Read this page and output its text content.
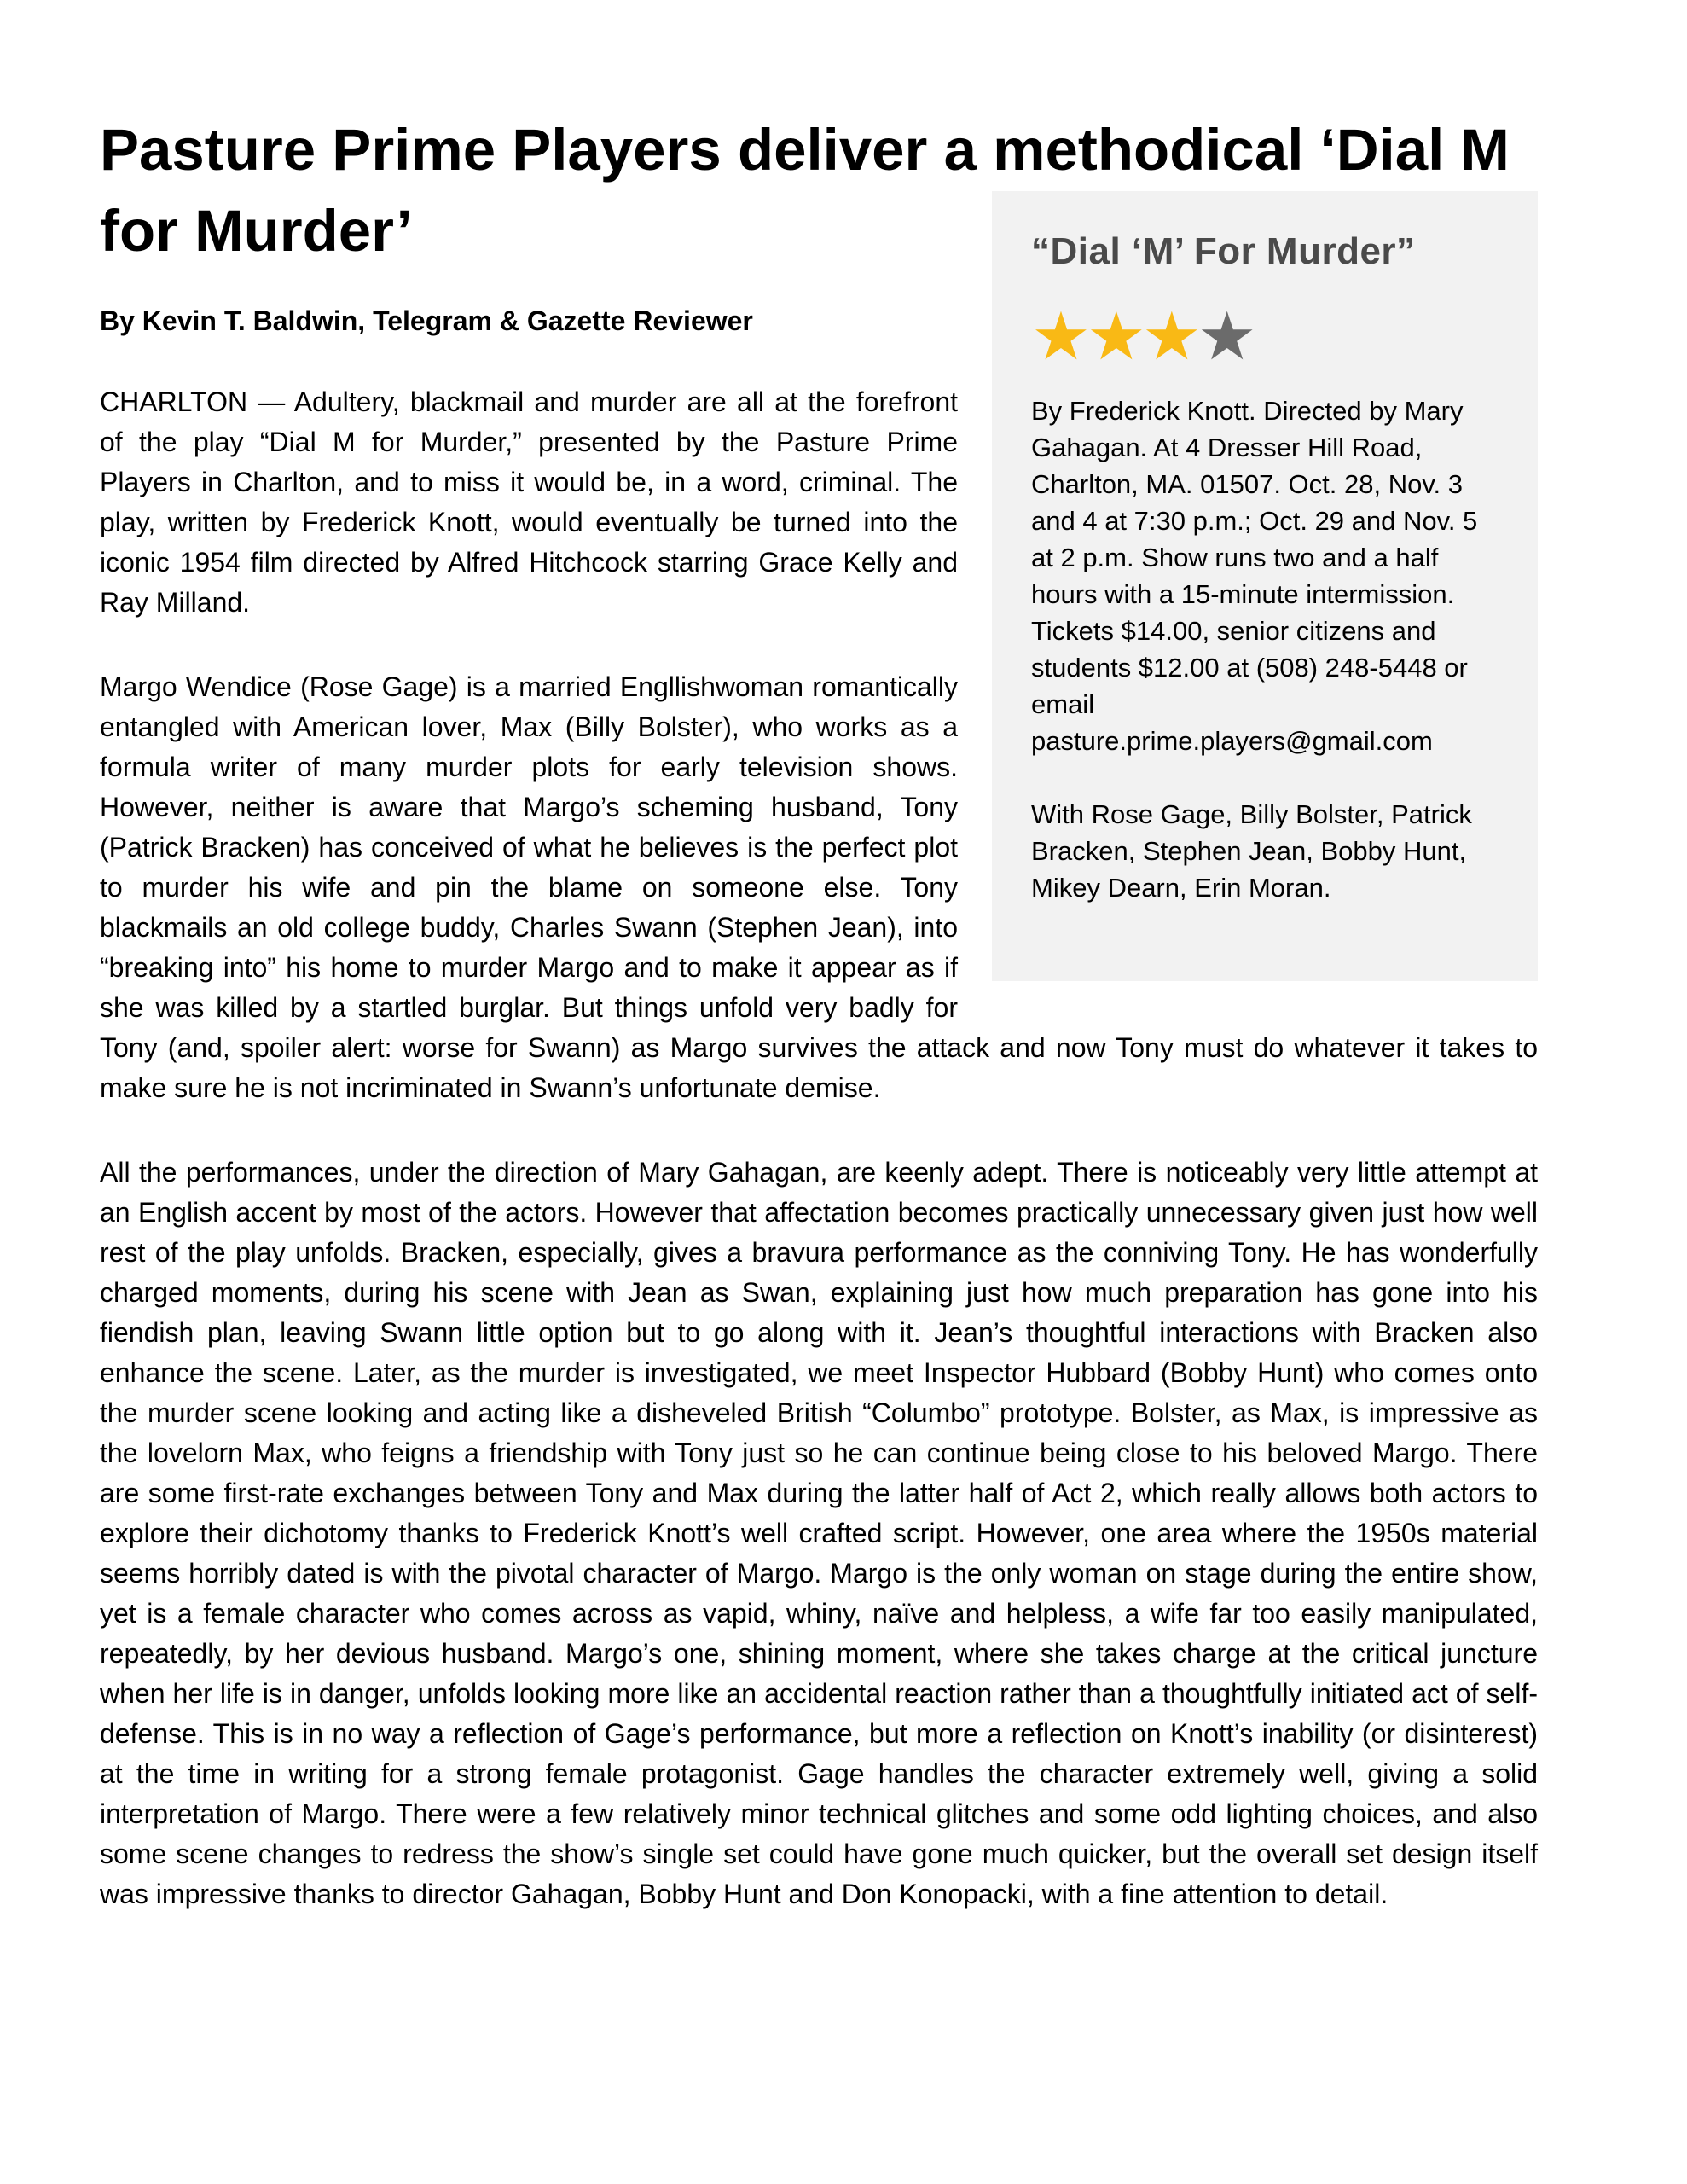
Pasture Prime Players deliver a methodical ‘Dial M for Murder’	“Dial ‘M’ For Murder”
★★★★

By Frederick Knott. Directed by Mary Gahagan. At 4 Dresser Hill Road, Charlton, MA. 01507. Oct. 28, Nov. 3 and 4 at 7:30 p.m.; Oct. 29 and Nov. 5 at 2 p.m. Show runs two and a half hours with a 15-minute intermission. Tickets $14.00, senior citizens and students $12.00 at (508) 248-5448 or email
pasture.prime.players@gmail.com

With Rose Gage, Billy Bolster, Patrick Bracken, Stephen Jean, Bobby Hunt, Mikey Dearn, Erin Moran.

By Kevin T. Baldwin, Telegram & Gazette Reviewer

CHARLTON — Adultery, blackmail and murder are all at the forefront of the play “Dial M for Murder,” presented by the Pasture Prime Players in Charlton, and to miss it would be, in a word, criminal. The play, written by Frederick Knott, would eventually be turned into the iconic 1954 film directed by Alfred Hitchcock starring Grace Kelly and Ray Milland.

Margo Wendice (Rose Gage) is a married Engllishwoman romantically entangled with American lover, Max (Billy Bolster), who works as a formula writer of many murder plots for early television shows. However, neither is aware that Margo’s scheming husband, Tony (Patrick Bracken) has conceived of what he believes is the perfect plot to murder his wife and pin the blame on someone else. Tony blackmails an old college buddy, Charles Swann (Stephen Jean), into “breaking into” his home to murder Margo and to make it appear as if she was killed by a startled burglar. But things unfold very badly for Tony (and, spoiler alert: worse for Swann) as Margo survives the attack and now Tony must do whatever it takes to make sure he is not incriminated in Swann’s unfortunate demise.

All the performances, under the direction of Mary Gahagan, are keenly adept. There is noticeably very little attempt at an English accent by most of the actors. However that affectation becomes practically unnecessary given just how well rest of the play unfolds. Bracken, especially, gives a bravura performance as the conniving Tony. He has wonderfully charged moments, during his scene with Jean as Swan, explaining just how much preparation has gone into his fiendish plan, leaving Swann little option but to go along with it. Jean’s thoughtful interactions with Bracken also enhance the scene. Later, as the murder is investigated, we meet Inspector Hubbard (Bobby Hunt) who comes onto the murder scene looking and acting like a disheveled British “Columbo” prototype. Bolster, as Max, is impressive as the lovelorn Max, who feigns a friendship with Tony just so he can continue being close to his beloved Margo. There are some first-rate exchanges between Tony and Max during the latter half of Act 2, which really allows both actors to explore their dichotomy thanks to Frederick Knott’s well crafted script. However, one area where the 1950s material seems horribly dated is with the pivotal character of Margo. Margo is the only woman on stage during the entire show, yet is a female character who comes across as vapid, whiny, naïve and helpless, a wife far too easily manipulated, repeatedly, by her devious husband. Margo’s one, shining moment, where she takes charge at the critical juncture when her life is in danger, unfolds looking more like an accidental reaction rather than a thoughtfully initiated act of self-defense. This is in no way a reflection of Gage’s performance, but more a reflection on Knott’s inability (or disinterest) at the time in writing for a strong female protagonist. Gage handles the character extremely well, giving a solid interpretation of Margo. There were a few relatively minor technical glitches and some odd lighting choices, and also some scene changes to redress the show’s single set could have gone much quicker, but the overall set design itself was impressive thanks to director Gahagan, Bobby Hunt and Don Konopacki, with a fine attention to detail.
